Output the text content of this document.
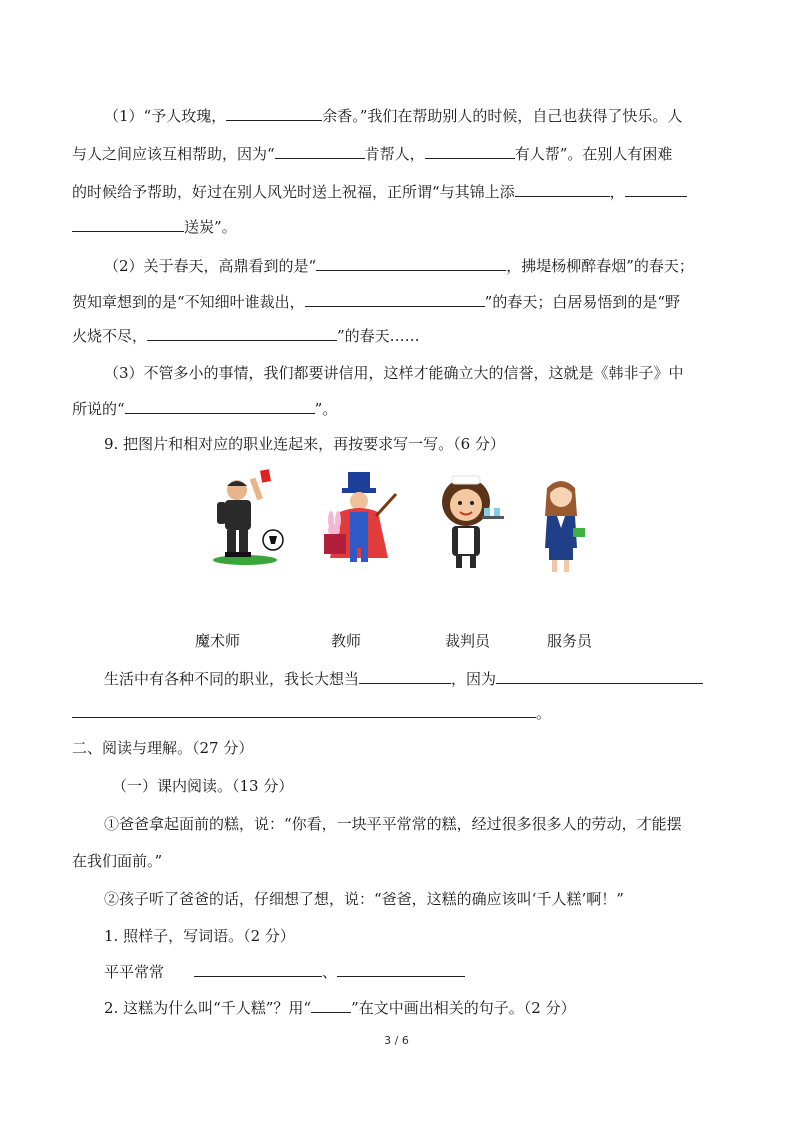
（1）“予人玫瑰，	余香。”我们在帮助别人的时候，自己也获得了快乐。人
与人之间应该互相帮助，因为“	肯帮人，	有人帮”。在别人有困难
的时候给予帮助，好过在别人风光时送上祝福，正所谓“与其锦上添	，
送炭”。
（2）关于春天，高鼎看到的是“	，拂堤杨柳醉春烟”的春天；
贺知章想到的是“不知细叶谁裁出，	”的春天；白居易悟到的是“野
火烧不尽，	”的春天……
（3）不管多小的事情，我们都要讲信用，这样才能确立大的信誉，这就是《韩非子》中
所说的“	”。
9. 把图片和相对应的职业连起来，再按要求写一写。（6 分）
魔术师	教师	裁判员	服务员
生活中有各种不同的职业，我长大想当	，因为
。
二、阅读与理解。（27 分）
（一）课内阅读。（13 分）
①爸爸拿起面前的糕，说：“你看，一块平平常常的糕，经过很多很多人的劳动，才能摆
在我们面前。”
②孩子听了爸爸的话，仔细想了想，说：“爸爸，这糕的确应该叫‘千人糕’啊！”
1. 照样子，写词语。（2 分）
平平常常	、
2. 这糕为什么叫“千人糕”？用“	”在文中画出相关的句子。（2 分）
3 / 6
